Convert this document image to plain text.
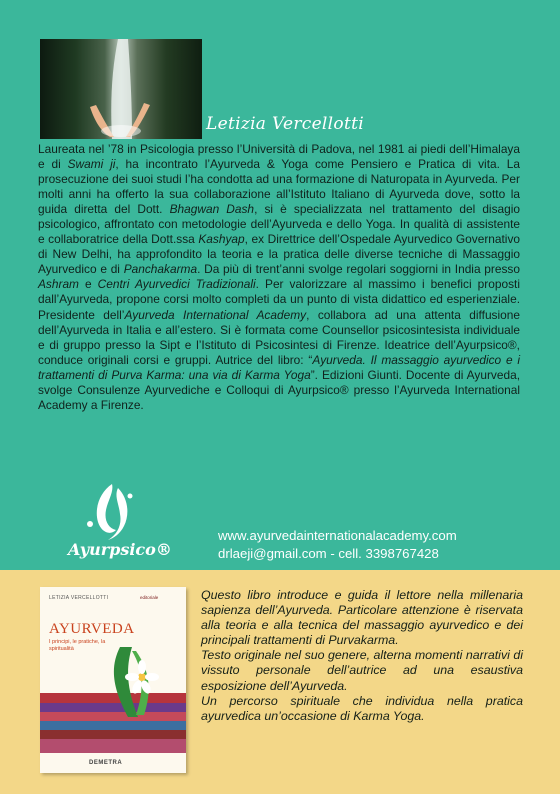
Letizia Vercellotti

Laureata nel ’78 in Psicologia presso l’Università di Padova, nel 1981 ai piedi dell’Himalaya e di Swami ji, ha incontrato l’Ayurveda & Yoga come Pensiero e Pratica di vita. La prosecuzione dei suoi studi l’ha condotta ad una formazione di Naturopata in Ayurveda. Per molti anni ha offerto la sua collaborazione all’Istituto Italiano di Ayurveda dove, sotto la guida diretta del Dott. Bhagwan Dash, si è specializzata nel trattamento del disagio psicologico, affrontato con metodologie dell’Ayurveda e dello Yoga. In qualità di assistente e collaboratrice della Dott.ssa Kashyap, ex Direttrice dell’Ospedale Ayurvedico Governativo di New Delhi, ha approfondito la teoria e la pratica delle diverse tecniche di Massaggio Ayurvedico e di Panchakarma. Da più di trent’anni svolge regolari soggiorni in India presso Ashram e Centri Ayurvedici Tradizionali. Per valorizzare al massimo i benefici proposti dall’Ayurveda, propone corsi molto completi da un punto di vista didattico ed esperienziale. Presidente dell’Ayurveda International Academy, collabora ad una attenta diffusione dell’Ayurveda in Italia e all’estero. Si è formata come Counsellor psicosintesista individuale e di gruppo presso la Sipt e l’Istituto di Psicosintesi di Firenze. Ideatrice dell’Ayurpsico®, conduce originali corsi e gruppi. Autrice del libro: “Ayurveda. Il massaggio ayurvedico e i trattamenti di Purva Karma: una via di Karma Yoga”. Edizioni Giunti. Docente di Ayurveda, svolge Consulenze Ayurvediche e Colloqui di Ayurpsico® presso l’Ayurveda International Academy a Firenze.

Ayurpsico®
www.ayurvedainternationalacademy.com
drlaeji@gmail.com - cell. 3398767428
LETIZIA VERCELLOTTI	editoriale
AYURVEDA
I principi, le pratiche, la spiritualità
DEMETRA

Questo libro introduce e guida il lettore nella millenaria sapienza dell’Ayurveda. Particolare attenzione è riservata alla teoria e alla tecnica del massaggio ayurvedico e dei principali trattamenti di Purvakarma.

Testo originale nel suo genere, alterna momenti narrativi di vissuto personale dell’autrice ad una esaustiva esposizione dell’Ayurveda.

Un percorso spirituale che individua nella pratica ayurvedica un’occasione di Karma Yoga.
